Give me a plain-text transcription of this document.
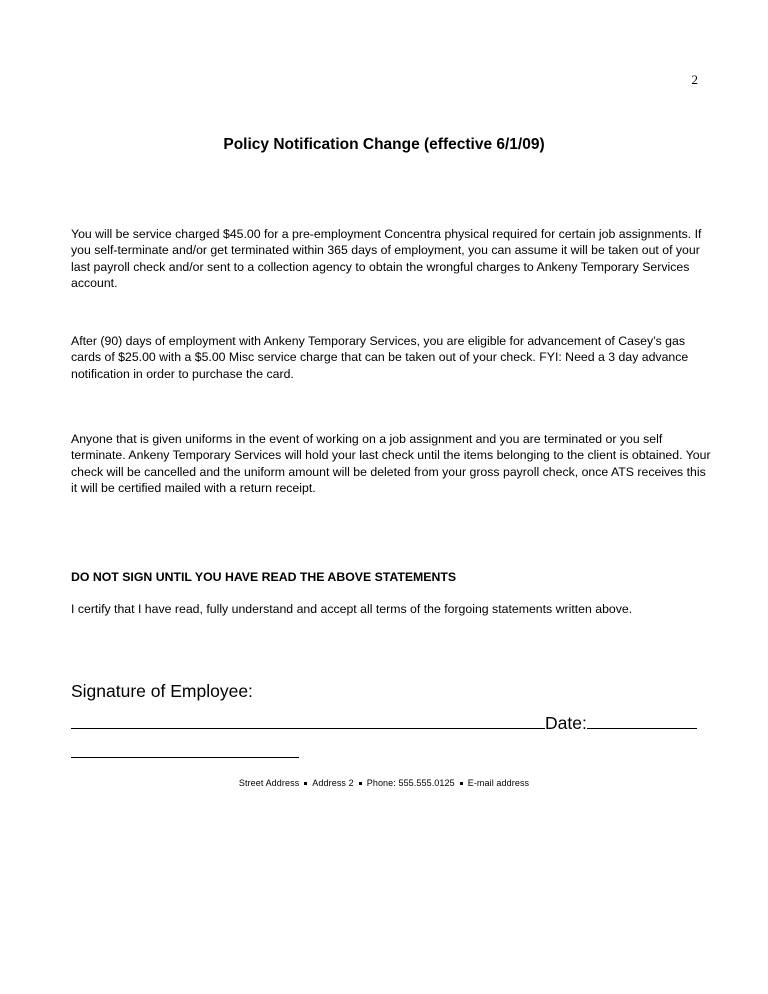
2
Policy Notification Change (effective 6/1/09)

You will be service charged $45.00 for a pre-employment Concentra physical required for certain job assignments. If you self-terminate and/or get terminated within 365 days of employment, you can assume it will be taken out of your last payroll check and/or sent to a collection agency to obtain the wrongful charges to Ankeny Temporary Services account.

After (90) days of employment with Ankeny Temporary Services, you are eligible for advancement of Casey’s gas cards of $25.00 with a $5.00 Misc service charge that can be taken out of your check. FYI: Need a 3 day advance notification in order to purchase the card.

Anyone that is given uniforms in the event of working on a job assignment and you are terminated or you self terminate. Ankeny Temporary Services will hold your last check until the items belonging to the client is obtained. Your check will be cancelled and the uniform amount will be deleted from your gross payroll check, once ATS receives this it will be certified mailed with a return receipt.

DO NOT SIGN UNTIL YOU HAVE READ THE ABOVE STATEMENTS

I certify that I have read, fully understand and accept all terms of the forgoing statements written above.

Signature of Employee:

Date:
Street Address Address 2 Phone: 555.555.0125 E-mail address
